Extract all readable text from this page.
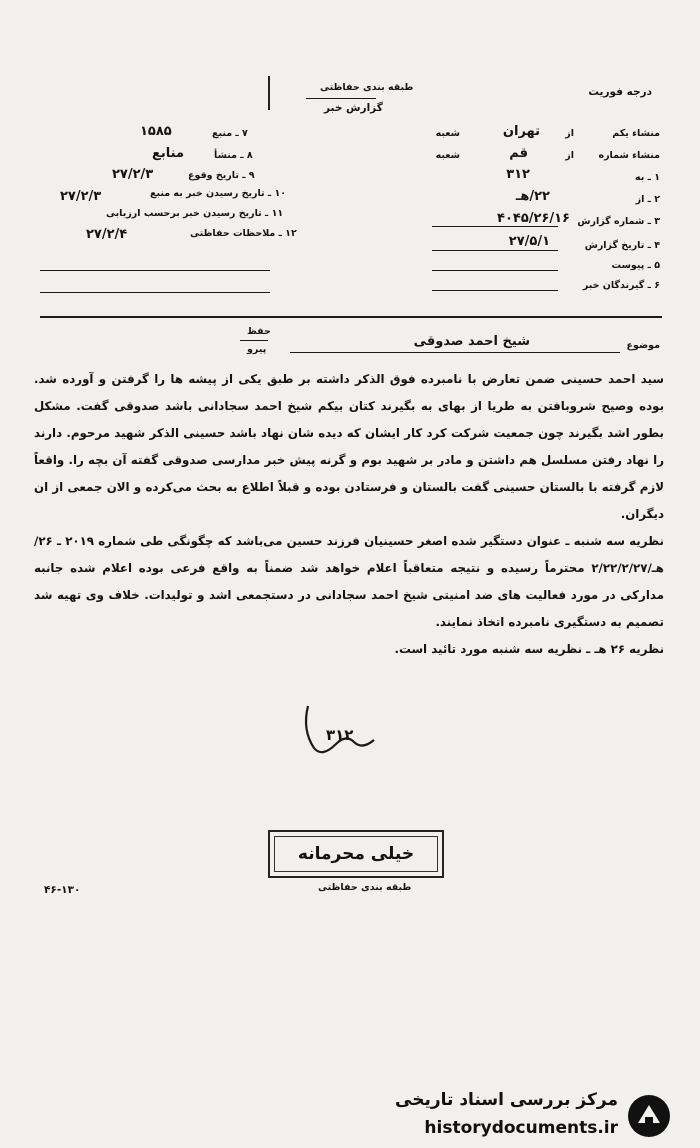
درجه فوریت
طبقه بندی حفاظتی
گزارش خبر
منشاء یکم
از
شعبه	تهران
منشاء شماره
از
شعبه	قم
۱ ـ به
۳۱۲
۲ ـ از
۲۲/هـ
۳ ـ شماره گزارش
۴۰۴۵/۲۶/۱۶
۴ ـ تاریخ گزارش
۲۷/۵/۱
۵ ـ پیوست
۶ ـ گیرندگان خبر
۷ ـ منبع
۱۵۸۵
۸ ـ منشأ
منابع
۹ ـ تاریخ وقوع
۲۷/۲/۳
۱۰ ـ تاریخ رسیدن خبر به منبع
۲۷/۲/۳
۱۱ ـ تاریخ رسیدن خبر برحسب ارزیابی
۱۲ ـ ملاحظات حفاظتی
۲۷/۲/۴
حفظ
پیرو	موضوع
شیخ احمد صدوقی

سید احمد حسینی ضمن تعارض با نامبرده فوق الذکر داشته بر طبق یکی از پیشه ها را گرفتن و آورده شد. بوده وصیح شروبافتن به طریا از بهای به بگیرند کتان بیکم شیخ احمد سجادانی باشد صدوقی گفت. مشکل بطور اشد بگیرند چون جمعیت شرکت کرد کار ایشان که دیده شان نهاد باشد حسینی الذکر شهید مرحوم. دارند را نهاد رفتن مسلسل هم داشتن و مادر بر شهید بوم و گرنه پیش خبر مدارسی صدوقی گفته آن بچه را. واقعاً لازم گرفته با بالستان حسینی گفت بالستان و فرستادن بوده و قبلاً اطلاع به بحث می‌کرده و الان جمعی از ان دیگران.

نظریه سه شنبه ـ عنوان دستگیر شده اصغر حسینیان فرزند حسین می‌باشد که چگونگی طی شماره ۲۰۱۹ ـ ۲۶/ هـ/۲/۲۲/۲/۲۷ محترماً رسیده و نتیجه متعاقباً اعلام خواهد شد ضمناً به واقع فرعی بوده اعلام شده جانبه مدارکی در مورد فعالیت های ضد امنیتی شیخ احمد سجادانی در دستجمعی اشد و تولیدات. خلاف وی تهیه شد تصمیم به دستگیری نامبرده اتخاذ نمایند.

نظریه ۲۶ هـ ـ نظریه سه شنبه مورد تائید است.

۳۱۲
خیلی محرمانه
طبقه بندی حفاظتی
۴۶-۱۳۰
مرکز بررسی اسناد تاریخی
historydocuments.ir
